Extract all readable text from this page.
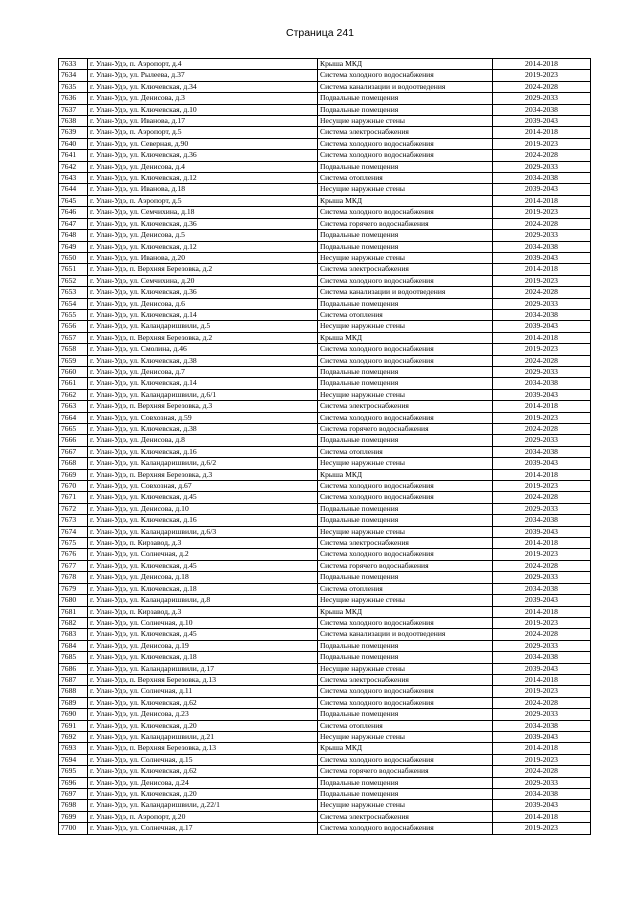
Страница 241
7633	г. Улан-Удэ, п. Аэропорт, д.4	Крыша МКД	2014-2018
7634	г. Улан-Удэ, ул. Рылеева, д.37	Система холодного водоснабжения	2019-2023
7635	г. Улан-Удэ, ул. Ключевская, д.34	Система канализации и водоотведения	2024-2028
7636	г. Улан-Удэ, ул. Денисова, д.3	Подвальные помещения	2029-2033
7637	г. Улан-Удэ, ул. Ключевская, д.10	Подвальные помещения	2034-2038
7638	г. Улан-Удэ, ул. Иванова, д.17	Несущие наружные стены	2039-2043
7639	г. Улан-Удэ, п. Аэропорт, д.5	Система электроснабжения	2014-2018
7640	г. Улан-Удэ, ул. Северная, д.90	Система холодного водоснабжения	2019-2023
7641	г. Улан-Удэ, ул. Ключевская, д.36	Система холодного водоснабжения	2024-2028
7642	г. Улан-Удэ, ул. Денисова, д.4	Подвальные помещения	2029-2033
7643	г. Улан-Удэ, ул. Ключевская, д.12	Система отопления	2034-2038
7644	г. Улан-Удэ, ул. Иванова, д.18	Несущие наружные стены	2039-2043
7645	г. Улан-Удэ, п. Аэропорт, д.5	Крыша МКД	2014-2018
7646	г. Улан-Удэ, ул. Семчихина, д.18	Система холодного водоснабжения	2019-2023
7647	г. Улан-Удэ, ул. Ключевская, д.36	Система горячего водоснабжения	2024-2028
7648	г. Улан-Удэ, ул. Денисова, д.5	Подвальные помещения	2029-2033
7649	г. Улан-Удэ, ул. Ключевская, д.12	Подвальные помещения	2034-2038
7650	г. Улан-Удэ, ул. Иванова, д.20	Несущие наружные стены	2039-2043
7651	г. Улан-Удэ, п. Верхняя Березовка, д.2	Система электроснабжения	2014-2018
7652	г. Улан-Удэ, ул. Семчихина, д.20	Система холодного водоснабжения	2019-2023
7653	г. Улан-Удэ, ул. Ключевская, д.36	Система канализации и водоотведения	2024-2028
7654	г. Улан-Удэ, ул. Денисова, д.6	Подвальные помещения	2029-2033
7655	г. Улан-Удэ, ул. Ключевская, д.14	Система отопления	2034-2038
7656	г. Улан-Удэ, ул. Каландаришвили, д.5	Несущие наружные стены	2039-2043
7657	г. Улан-Удэ, п. Верхняя Березовка, д.2	Крыша МКД	2014-2018
7658	г. Улан-Удэ, ул. Смолина, д.46	Система холодного водоснабжения	2019-2023
7659	г. Улан-Удэ, ул. Ключевская, д.38	Система холодного водоснабжения	2024-2028
7660	г. Улан-Удэ, ул. Денисова, д.7	Подвальные помещения	2029-2033
7661	г. Улан-Удэ, ул. Ключевская, д.14	Подвальные помещения	2034-2038
7662	г. Улан-Удэ, ул. Каландаришвили, д.6/1	Несущие наружные стены	2039-2043
7663	г. Улан-Удэ, п. Верхняя Березовка, д.3	Система электроснабжения	2014-2018
7664	г. Улан-Удэ, ул. Совхозная, д.59	Система холодного водоснабжения	2019-2023
7665	г. Улан-Удэ, ул. Ключевская, д.38	Система горячего водоснабжения	2024-2028
7666	г. Улан-Удэ, ул. Денисова, д.8	Подвальные помещения	2029-2033
7667	г. Улан-Удэ, ул. Ключевская, д.16	Система отопления	2034-2038
7668	г. Улан-Удэ, ул. Каландаришвили, д.6/2	Несущие наружные стены	2039-2043
7669	г. Улан-Удэ, п. Верхняя Березовка, д.3	Крыша МКД	2014-2018
7670	г. Улан-Удэ, ул. Совхозная, д.67	Система холодного водоснабжения	2019-2023
7671	г. Улан-Удэ, ул. Ключевская, д.45	Система холодного водоснабжения	2024-2028
7672	г. Улан-Удэ, ул. Денисова, д.10	Подвальные помещения	2029-2033
7673	г. Улан-Удэ, ул. Ключевская, д.16	Подвальные помещения	2034-2038
7674	г. Улан-Удэ, ул. Каландаришвили, д.6/3	Несущие наружные стены	2039-2043
7675	г. Улан-Удэ, п. Кирзавод, д.3	Система электроснабжения	2014-2018
7676	г. Улан-Удэ, ул. Солнечная, д.2	Система холодного водоснабжения	2019-2023
7677	г. Улан-Удэ, ул. Ключевская, д.45	Система горячего водоснабжения	2024-2028
7678	г. Улан-Удэ, ул. Денисова, д.18	Подвальные помещения	2029-2033
7679	г. Улан-Удэ, ул. Ключевская, д.18	Система отопления	2034-2038
7680	г. Улан-Удэ, ул. Каландаришвили, д.8	Несущие наружные стены	2039-2043
7681	г. Улан-Удэ, п. Кирзавод, д.3	Крыша МКД	2014-2018
7682	г. Улан-Удэ, ул. Солнечная, д.10	Система холодного водоснабжения	2019-2023
7683	г. Улан-Удэ, ул. Ключевская, д.45	Система канализации и водоотведения	2024-2028
7684	г. Улан-Удэ, ул. Денисова, д.19	Подвальные помещения	2029-2033
7685	г. Улан-Удэ, ул. Ключевская, д.18	Подвальные помещения	2034-2038
7686	г. Улан-Удэ, ул. Каландаришвили, д.17	Несущие наружные стены	2039-2043
7687	г. Улан-Удэ, п. Верхняя Березовка, д.13	Система электроснабжения	2014-2018
7688	г. Улан-Удэ, ул. Солнечная, д.11	Система холодного водоснабжения	2019-2023
7689	г. Улан-Удэ, ул. Ключевская, д.62	Система холодного водоснабжения	2024-2028
7690	г. Улан-Удэ, ул. Денисова, д.23	Подвальные помещения	2029-2033
7691	г. Улан-Удэ, ул. Ключевская, д.20	Система отопления	2034-2038
7692	г. Улан-Удэ, ул. Каландаришвили, д.21	Несущие наружные стены	2039-2043
7693	г. Улан-Удэ, п. Верхняя Березовка, д.13	Крыша МКД	2014-2018
7694	г. Улан-Удэ, ул. Солнечная, д.15	Система холодного водоснабжения	2019-2023
7695	г. Улан-Удэ, ул. Ключевская, д.62	Система горячего водоснабжения	2024-2028
7696	г. Улан-Удэ, ул. Денисова, д.24	Подвальные помещения	2029-2033
7697	г. Улан-Удэ, ул. Ключевская, д.20	Подвальные помещения	2034-2038
7698	г. Улан-Удэ, ул. Каландаришвили, д.22/1	Несущие наружные стены	2039-2043
7699	г. Улан-Удэ, п. Аэропорт, д.20	Система электроснабжения	2014-2018
7700	г. Улан-Удэ, ул. Солнечная, д.17	Система холодного водоснабжения	2019-2023
